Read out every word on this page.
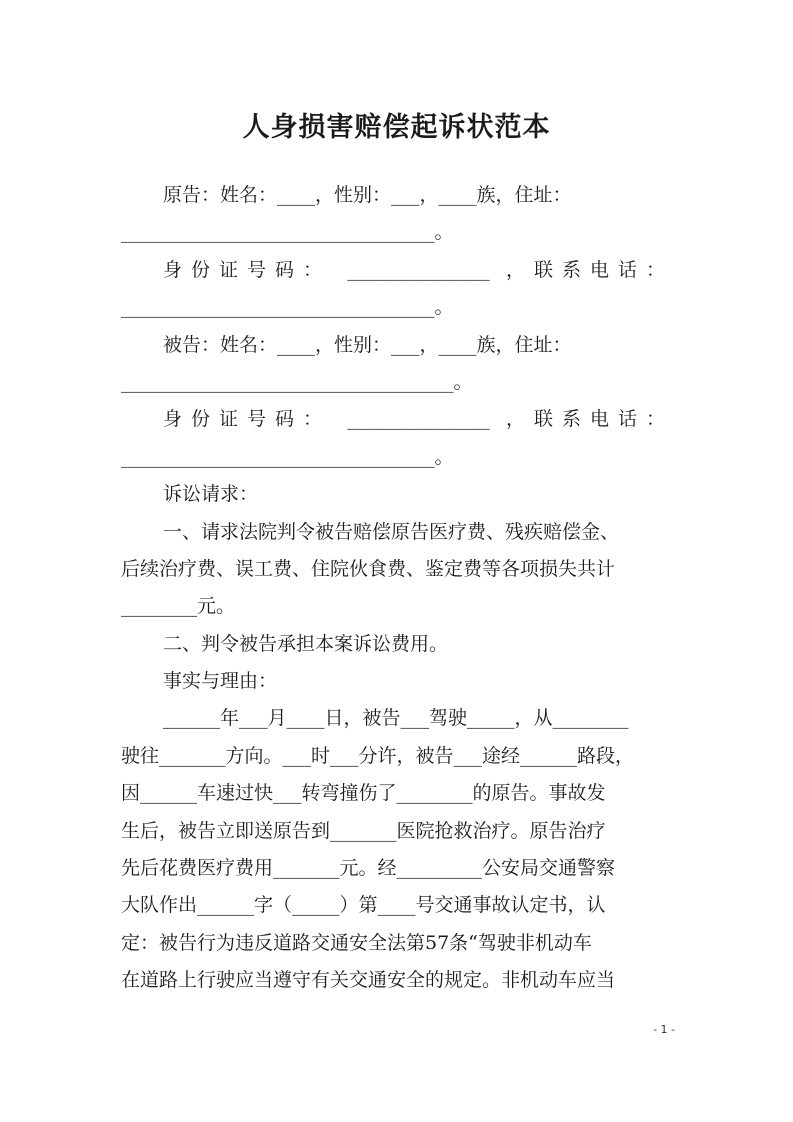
人身损害赔偿起诉状范本
原告：姓名：____，性别：___，____族，住址：
_________________________________。
身份证号码： _______________ ，联系电话：
_________________________________。
被告：姓名：____，性别：___，____族，住址：
___________________________________。
身份证号码： _______________ ，联系电话：
_________________________________。
诉讼请求：
一、请求法院判令被告赔偿原告医疗费、残疾赔偿金、
后续治疗费、误工费、住院伙食费、鉴定费等各项损失共计
________元。
二、判令被告承担本案诉讼费用。
事实与理由：
______年___月____日，被告___驾驶_____，从________
驶往_______方向。___时___分许，被告___途经______路段，
因______车速过快___转弯撞伤了________的原告。事故发
生后，被告立即送原告到_______医院抢救治疗。原告治疗
先后花费医疗费用_______元。经_________公安局交通警察
大队作出______字（_____）第____号交通事故认定书，认
定：被告行为违反道路交通安全法第57条“驾驶非机动车
在道路上行驶应当遵守有关交通安全的规定。非机动车应当
- 1 -
